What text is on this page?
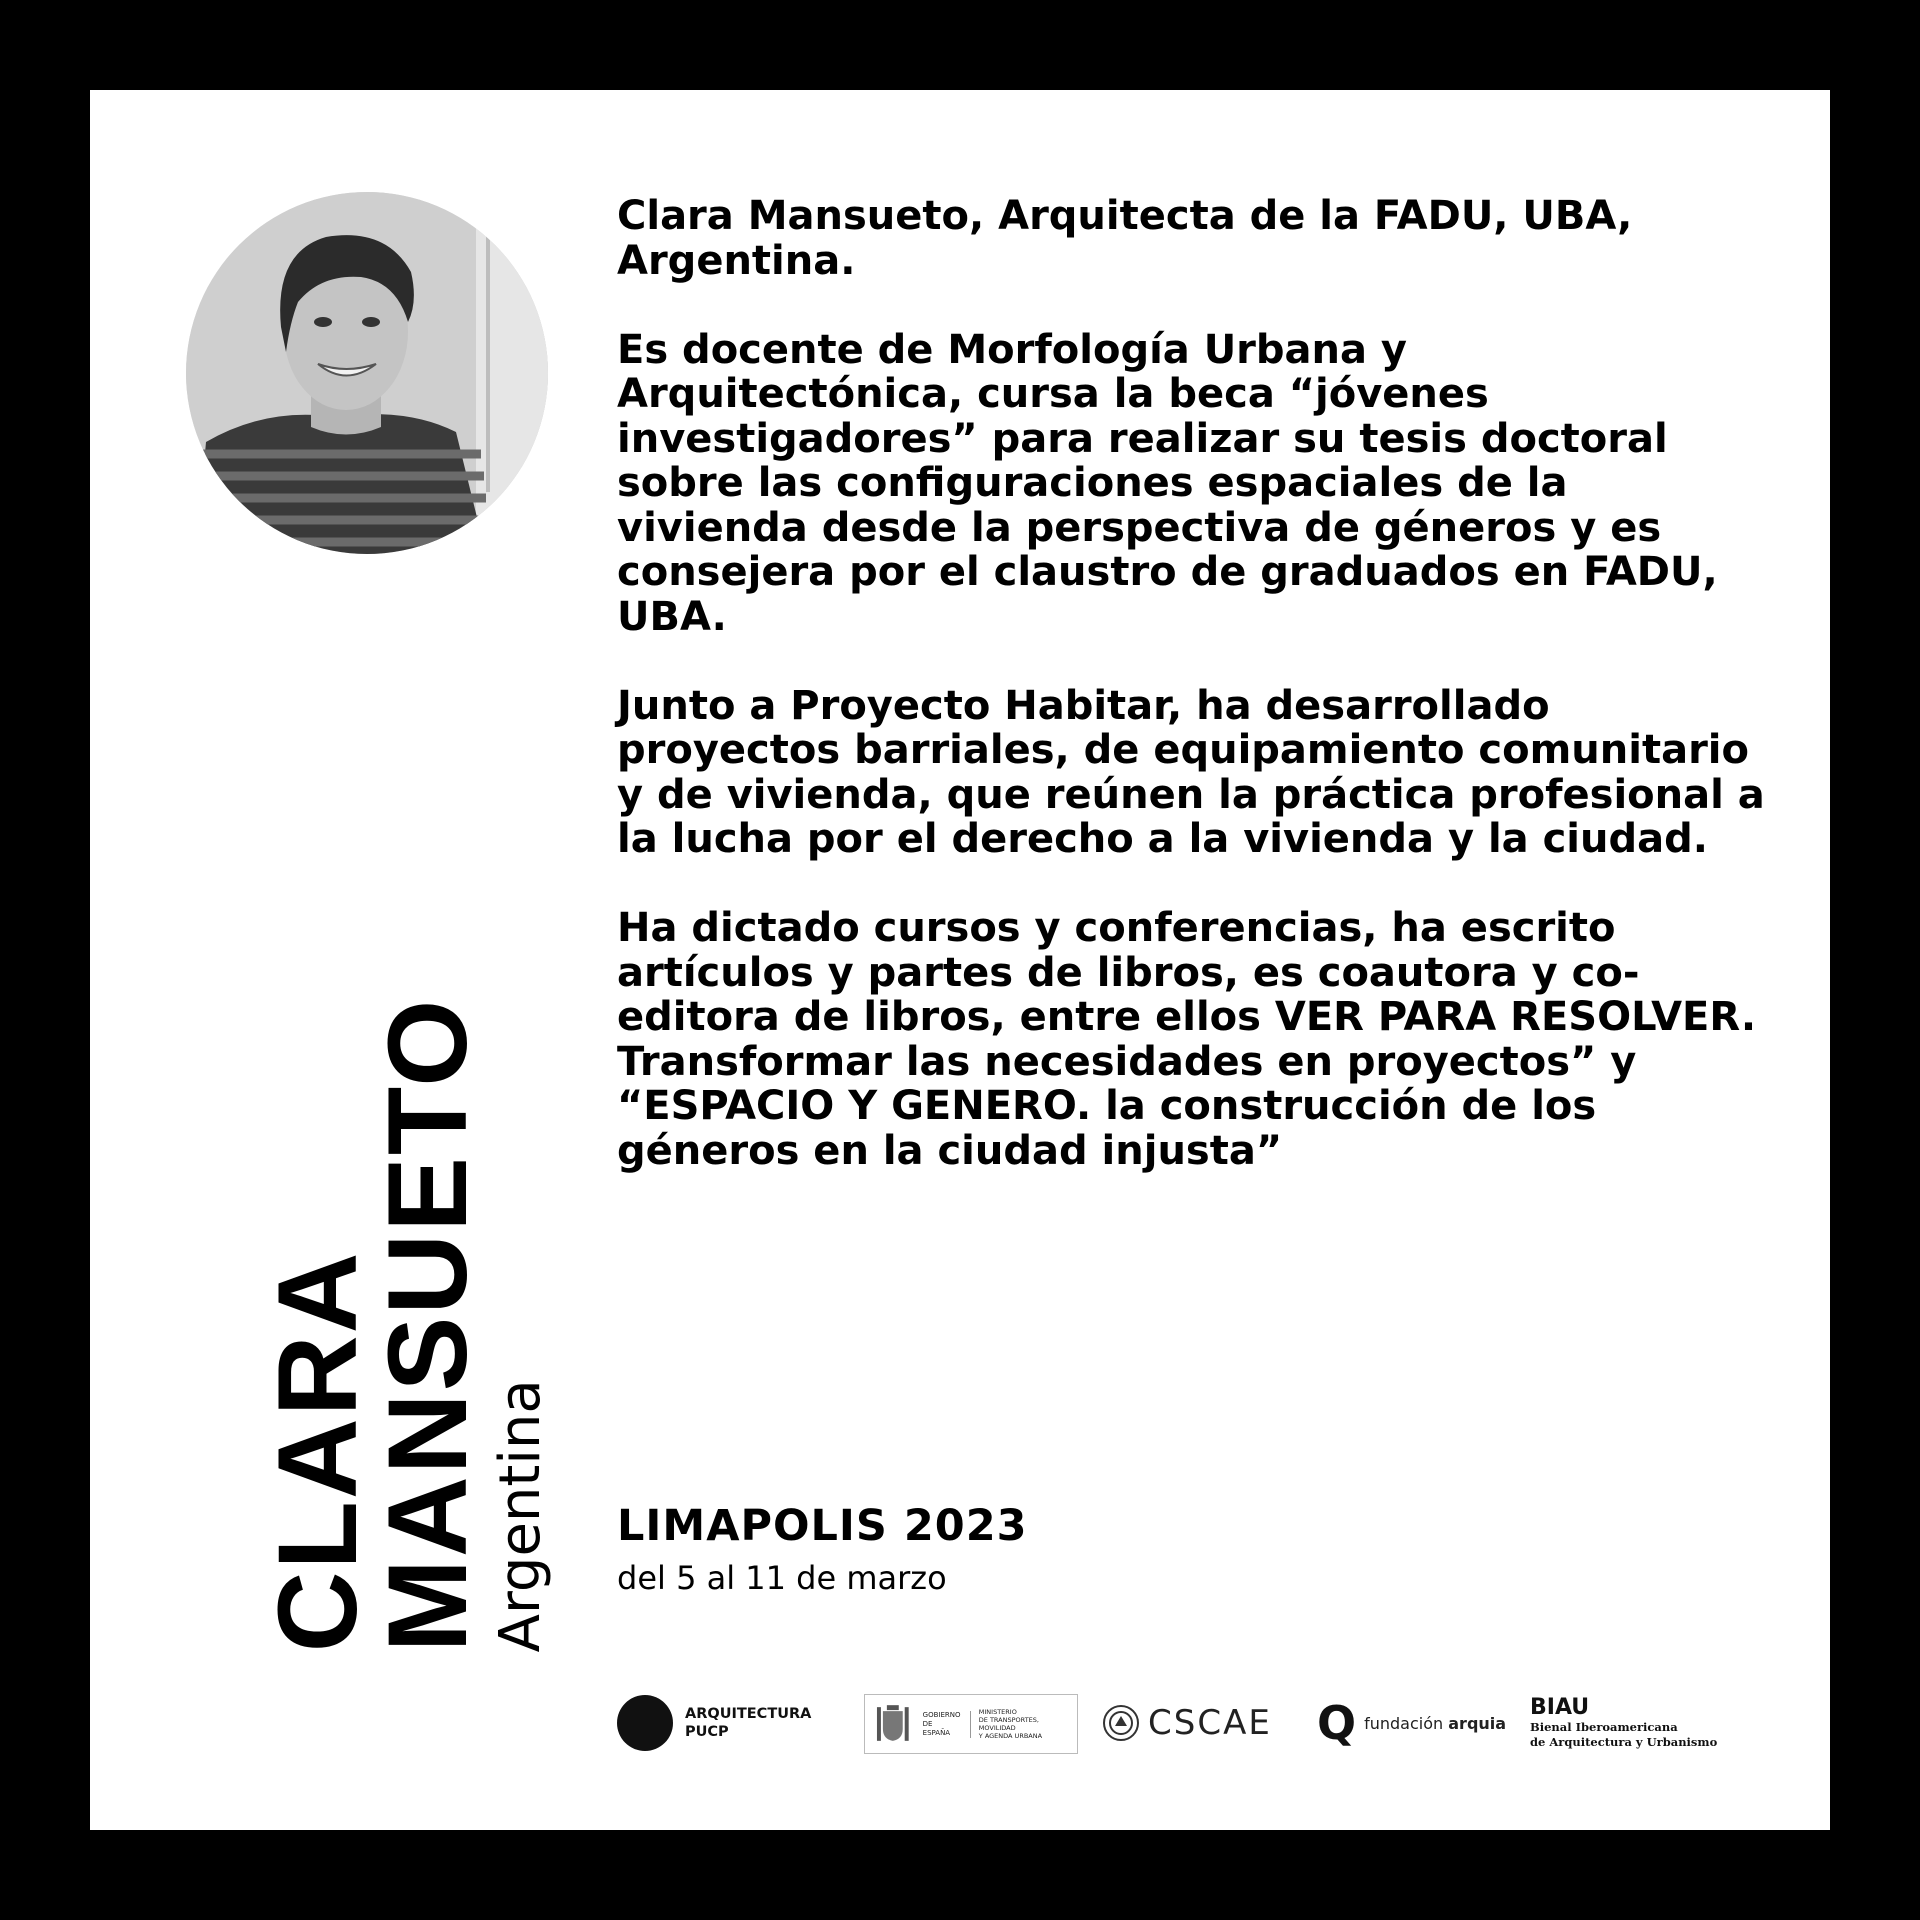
CLARA
MANSUETO
Argentina

Clara Mansueto, Arquitecta de la FADU, UBA, Argentina.

Es docente de Morfología Urbana y Arquitectónica, cursa la beca “jóvenes investigadores” para realizar su tesis doctoral sobre las configuraciones espaciales de la vivienda desde la perspectiva de géneros y es consejera por el claustro de graduados en FADU, UBA.

Junto a Proyecto Habitar, ha desarrollado proyectos barriales, de equipamiento comunitario y de vivienda, que reúnen la práctica profesional a la lucha por el derecho a la vivienda y la ciudad.

Ha dictado cursos y conferencias, ha escrito artículos y partes de libros, es coautora y co-editora de libros, entre ellos VER PARA RESOLVER. Transformar las necesidades en proyectos” y “ESPACIO Y GENERO. la construcción de los géneros en la ciudad injusta”

LIMAPOLIS 2023
del 5 al 11 de marzo
ARQUITECTURA
PUCP
GOBIERNO
DE ESPAÑA
MINISTERIO
DE TRANSPORTES, MOVILIDAD
Y AGENDA URBANA	CSCAE Q fundación arquia
BIAU
Bienal Iberoamericana
de Arquitectura y Urbanismo
